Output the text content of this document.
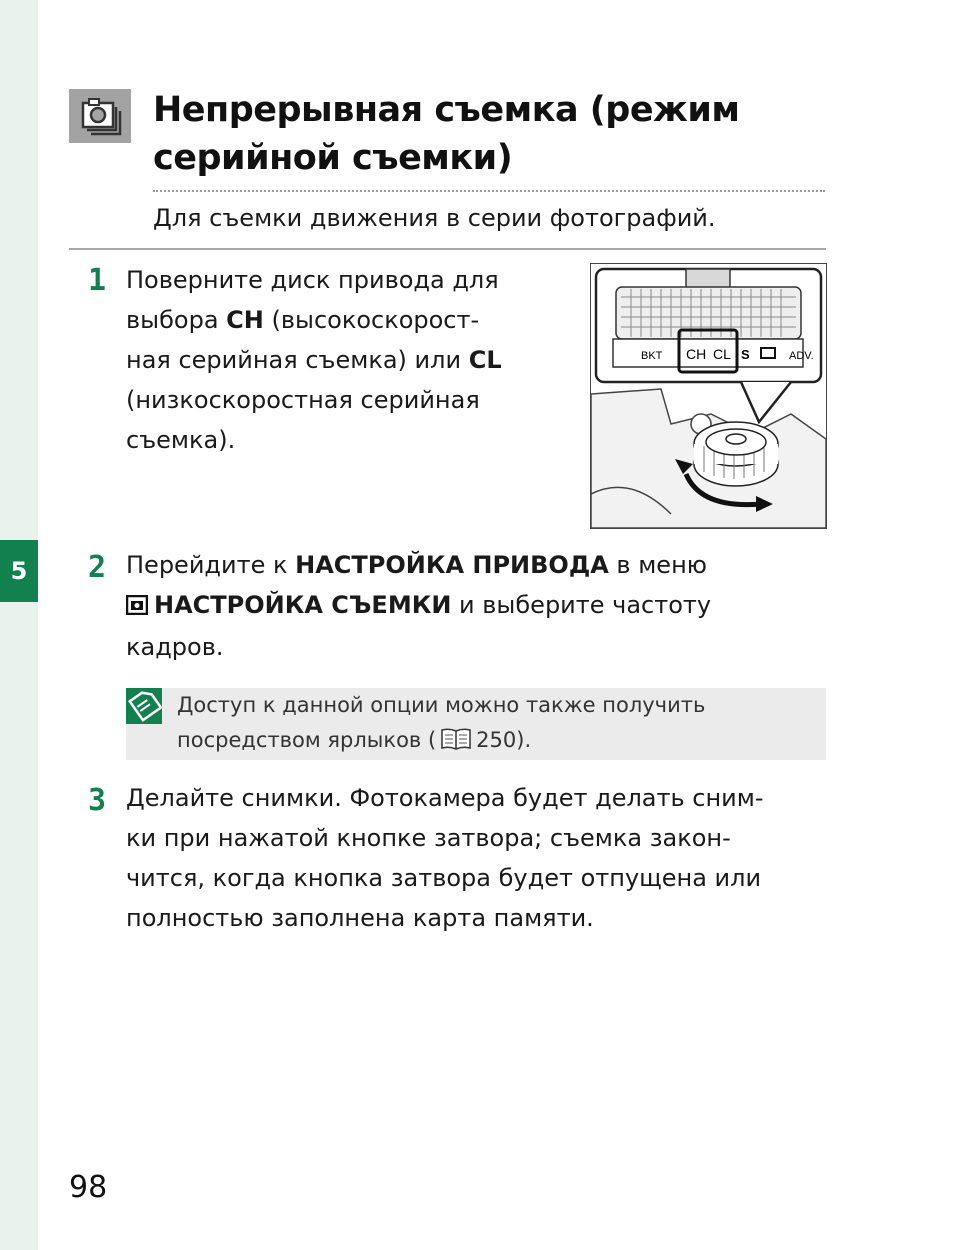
5
Непрерывная съемка (режим
серийной съемки)
Для съемки движения в серии фотографий.
1 Поверните диск привода для
выбора CH (высокоскорост-
ная серийная съемка) или CL
(низкоскоростная серийная
съемка).
BKT CH CL S	ADV.
2 Перейдите к НАСТРОЙКА ПРИВОДА в меню
НАСТРОЙКА СЪЕМКИ и выберите частоту
кадров.
Доступ к данной опции можно также получить
посредством ярлыков ( 250).
3 Делайте снимки. Фотокамера будет делать сним-
ки при нажатой кнопке затвора; съемка закон-
чится, когда кнопка затвора будет отпущена или
полностью заполнена карта памяти.
98
